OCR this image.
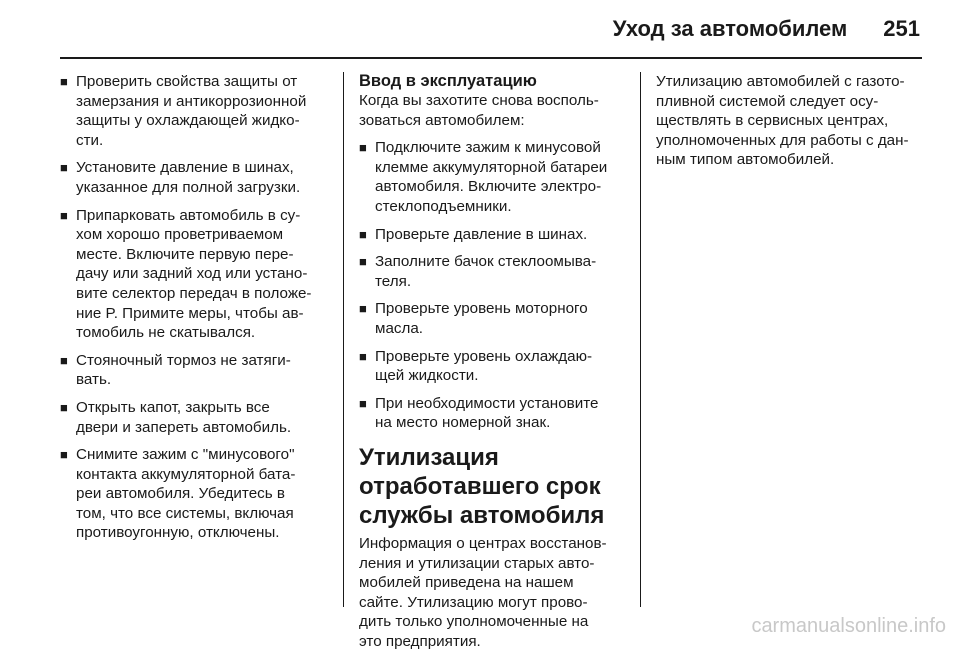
Уход за автомобилем 251
■ Проверить свойства защиты от
замерзания и антикоррозионной
защиты у охлаждающей жидко-
сти.
■ Установите давление в шинах,
указанное для полной загрузки.
■ Припарковать автомобиль в су-
хом хорошо проветриваемом
месте. Включите первую пере-
дачу или задний ход или устано-
вите селектор передач в положе-
ние P. Примите меры, чтобы ав-
томобиль не скатывался.
■ Стояночный тормоз не затяги-
вать.
■ Открыть капот, закрыть все
двери и запереть автомобиль.
■ Снимите зажим с "минусового"
контакта аккумуляторной бата-
реи автомобиля. Убедитесь в
том, что все системы, включая
противоугонную, отключены.
Ввод в эксплуатацию

Когда вы захотите снова восполь-
зоваться автомобилем:

■ Подключите зажим к минусовой
клемме аккумуляторной батареи
автомобиля. Включите электро-
стеклоподъемники.
■ Проверьте давление в шинах.
■ Заполните бачок стеклоомыва-
теля.
■ Проверьте уровень моторного
масла.
■ Проверьте уровень охлаждаю-
щей жидкости.
■ При необходимости установите
на место номерной знак.
Утилизация
отработавшего срок
службы автомобиля

Информация о центрах восстанов-
ления и утилизации старых авто-
мобилей приведена на нашем
сайте. Утилизацию могут прово-
дить только уполномоченные на
это предприятия.

Утилизацию автомобилей с газото-
пливной системой следует осу-
ществлять в сервисных центрах,
уполномоченных для работы с дан-
ным типом автомобилей.

carmanualsonline.info
